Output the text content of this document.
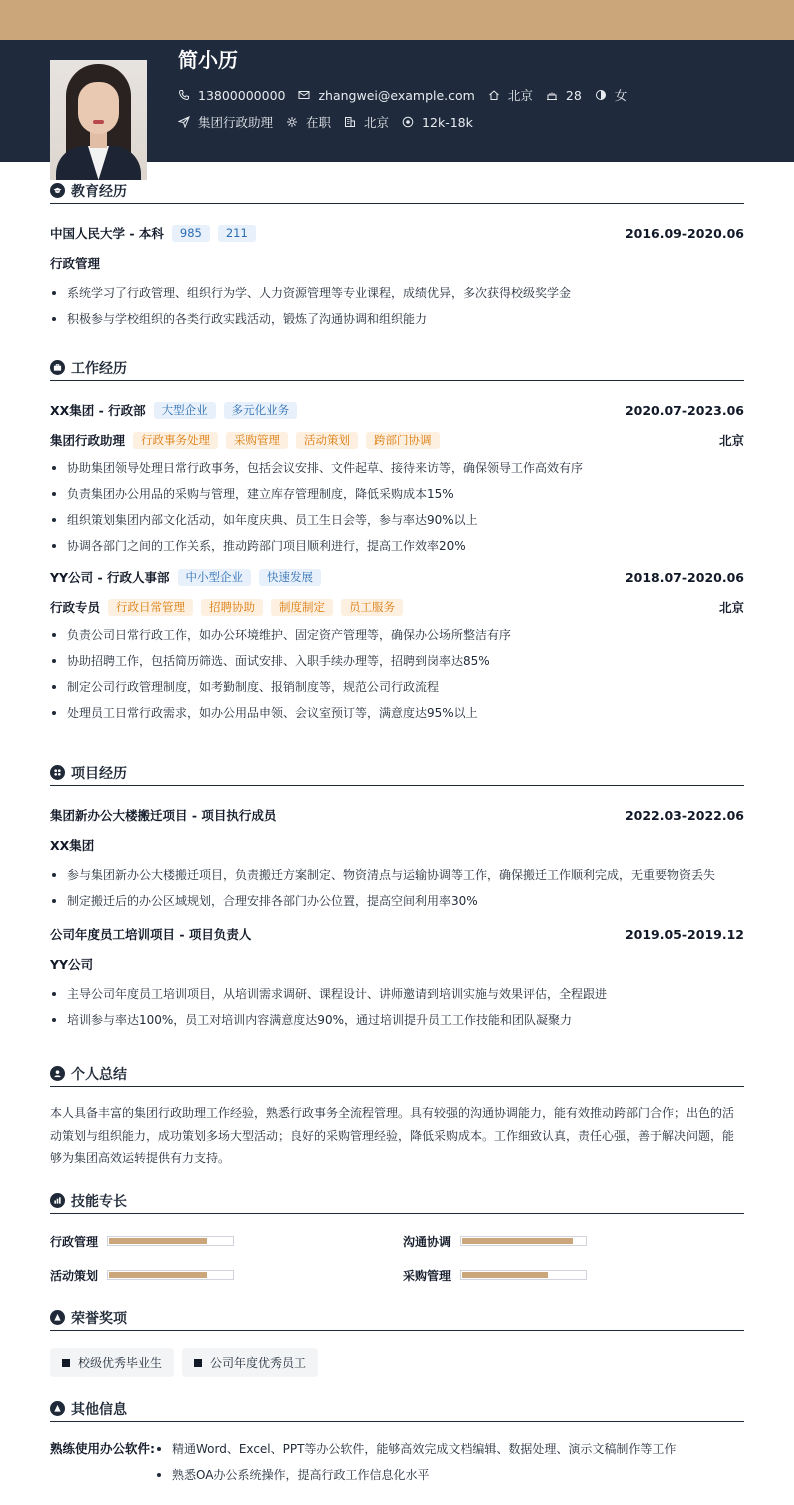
简小历
13800000000	zhangwei@example.com	北京	28	女
集团行政助理	在职	北京	12k-18k
教育经历
中国人民大学 - 本科	985	211	2016.09-2020.06
行政管理
系统学习了行政管理、组织行为学、人力资源管理等专业课程，成绩优异，多次获得校级奖学金
积极参与学校组织的各类行政实践活动，锻炼了沟通协调和组织能力
工作经历
XX集团 - 行政部	大型企业	多元化业务	2020.07-2023.06
集团行政助理	行政事务处理	采购管理	活动策划	跨部门协调	北京
协助集团领导处理日常行政事务，包括会议安排、文件起草、接待来访等，确保领导工作高效有序
负责集团办公用品的采购与管理，建立库存管理制度，降低采购成本15%
组织策划集团内部文化活动，如年度庆典、员工生日会等，参与率达90%以上
协调各部门之间的工作关系，推动跨部门项目顺利进行，提高工作效率20%
YY公司 - 行政人事部	中小型企业	快速发展	2018.07-2020.06
行政专员	行政日常管理	招聘协助	制度制定	员工服务	北京
负责公司日常行政工作，如办公环境维护、固定资产管理等，确保办公场所整洁有序
协助招聘工作，包括简历筛选、面试安排、入职手续办理等，招聘到岗率达85%
制定公司行政管理制度，如考勤制度、报销制度等，规范公司行政流程
处理员工日常行政需求，如办公用品申领、会议室预订等，满意度达95%以上
项目经历
集团新办公大楼搬迁项目 - 项目执行成员	2022.03-2022.06
XX集团
参与集团新办公大楼搬迁项目，负责搬迁方案制定、物资清点与运输协调等工作，确保搬迁工作顺利完成，无重要物资丢失
制定搬迁后的办公区域规划，合理安排各部门办公位置，提高空间利用率30%
公司年度员工培训项目 - 项目负责人	2019.05-2019.12
YY公司
主导公司年度员工培训项目，从培训需求调研、课程设计、讲师邀请到培训实施与效果评估，全程跟进
培训参与率达100%，员工对培训内容满意度达90%，通过培训提升员工工作技能和团队凝聚力
个人总结
本人具备丰富的集团行政助理工作经验，熟悉行政事务全流程管理。具有较强的沟通协调能力，能有效推动跨部门合作；出色的活动策划与组织能力，成功策划多场大型活动；良好的采购管理经验，降低采购成本。工作细致认真，责任心强，善于解决问题，能够为集团高效运转提供有力支持。
技能专长
行政管理	沟通协调
活动策划	采购管理
荣誉奖项
校级优秀毕业生	公司年度优秀员工
其他信息
熟练使用办公软件:	精通Word、Excel、PPT等办公软件，能够高效完成文档编辑、数据处理、演示文稿制作等工作
熟悉OA办公系统操作，提高行政工作信息化水平
